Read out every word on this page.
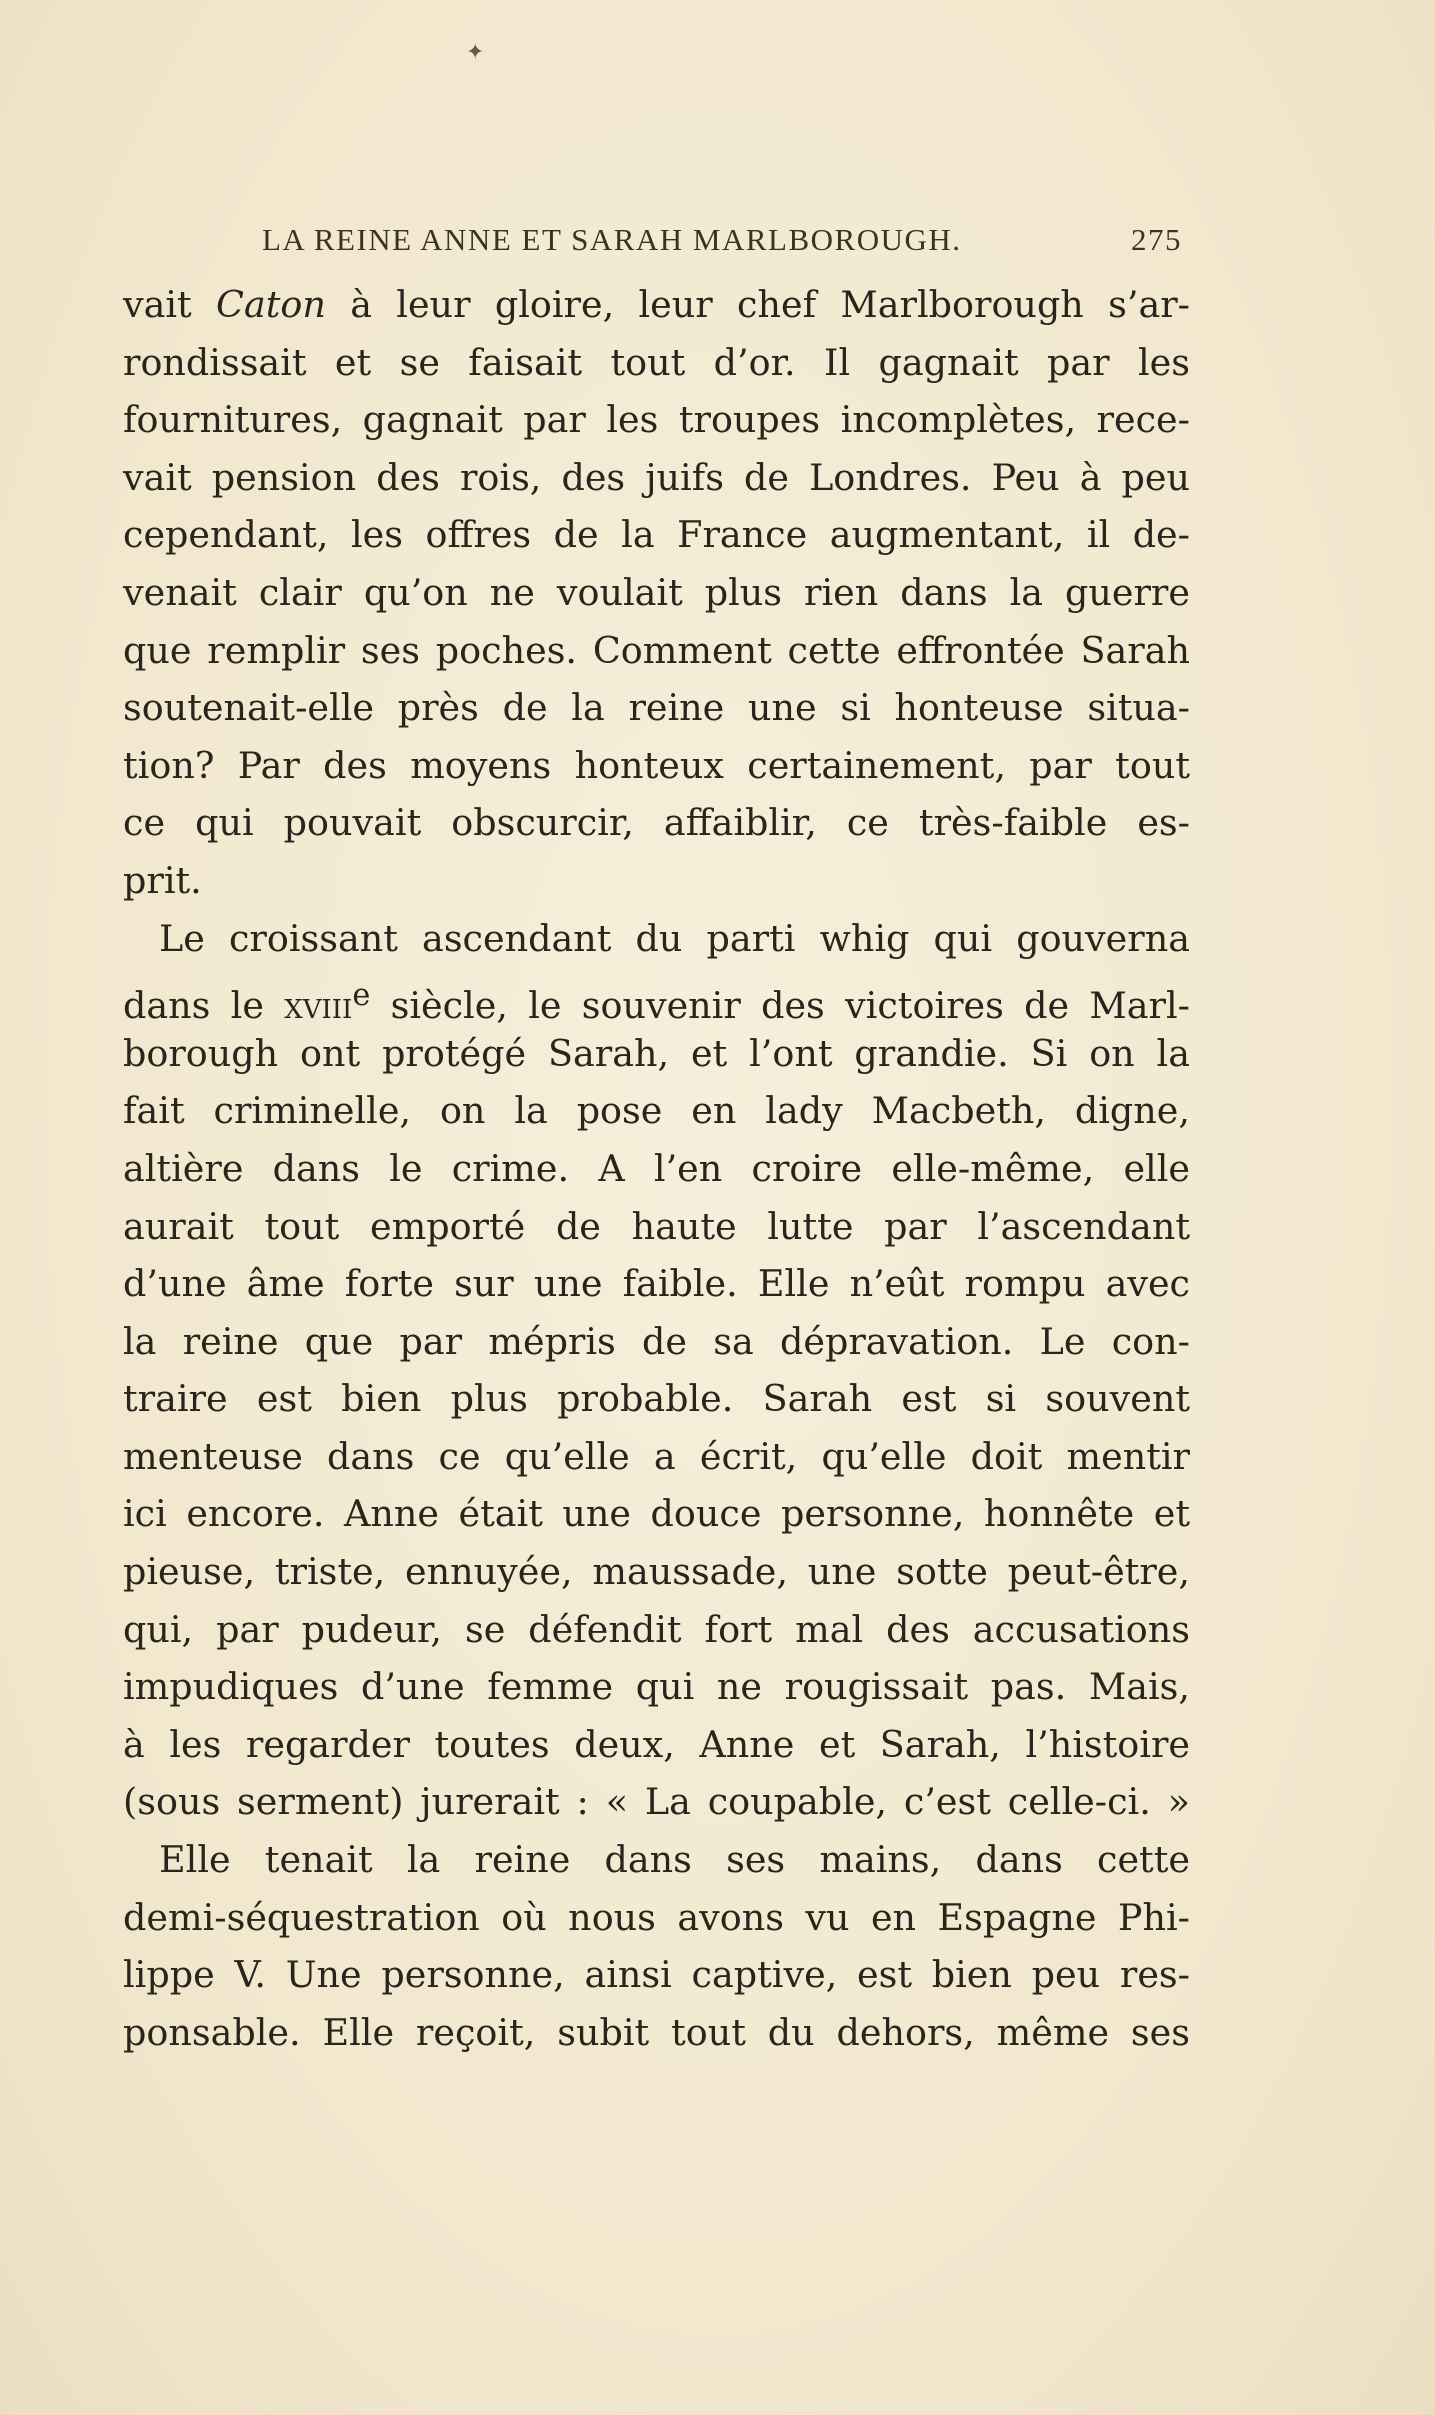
✦
LA REINE ANNE ET SARAH MARLBOROUGH.	275
vait Caton à leur gloire, leur chef Marlborough s’ar-
rondissait et se faisait tout d’or. Il gagnait par les
fournitures, gagnait par les troupes incomplètes, rece-
vait pension des rois, des juifs de Londres. Peu à peu
cependant, les offres de la France augmentant, il de-
venait clair qu’on ne voulait plus rien dans la guerre
que remplir ses poches. Comment cette effrontée Sarah
soutenait-elle près de la reine une si honteuse situa-
tion? Par des moyens honteux certainement, par tout
ce qui pouvait obscurcir, affaiblir, ce très-faible es-
prit.
Le croissant ascendant du parti whig qui gouverna
dans le xviii$^e$ siècle, le souvenir des victoires de Marl-
borough ont protégé Sarah, et l’ont grandie. Si on la
fait criminelle, on la pose en lady Macbeth, digne,
altière dans le crime. A l’en croire elle-même, elle
aurait tout emporté de haute lutte par l’ascendant
d’une âme forte sur une faible. Elle n’eût rompu avec
la reine que par mépris de sa dépravation. Le con-
traire est bien plus probable. Sarah est si souvent
menteuse dans ce qu’elle a écrit, qu’elle doit mentir
ici encore. Anne était une douce personne, honnête et
pieuse, triste, ennuyée, maussade, une sotte peut-être,
qui, par pudeur, se défendit fort mal des accusations
impudiques d’une femme qui ne rougissait pas. Mais,
à les regarder toutes deux, Anne et Sarah, l’histoire
(sous serment) jurerait : « La coupable, c’est celle-ci. »
Elle tenait la reine dans ses mains, dans cette
demi-séquestration où nous avons vu en Espagne Phi-
lippe V. Une personne, ainsi captive, est bien peu res-
ponsable. Elle reçoit, subit tout du dehors, même ses
